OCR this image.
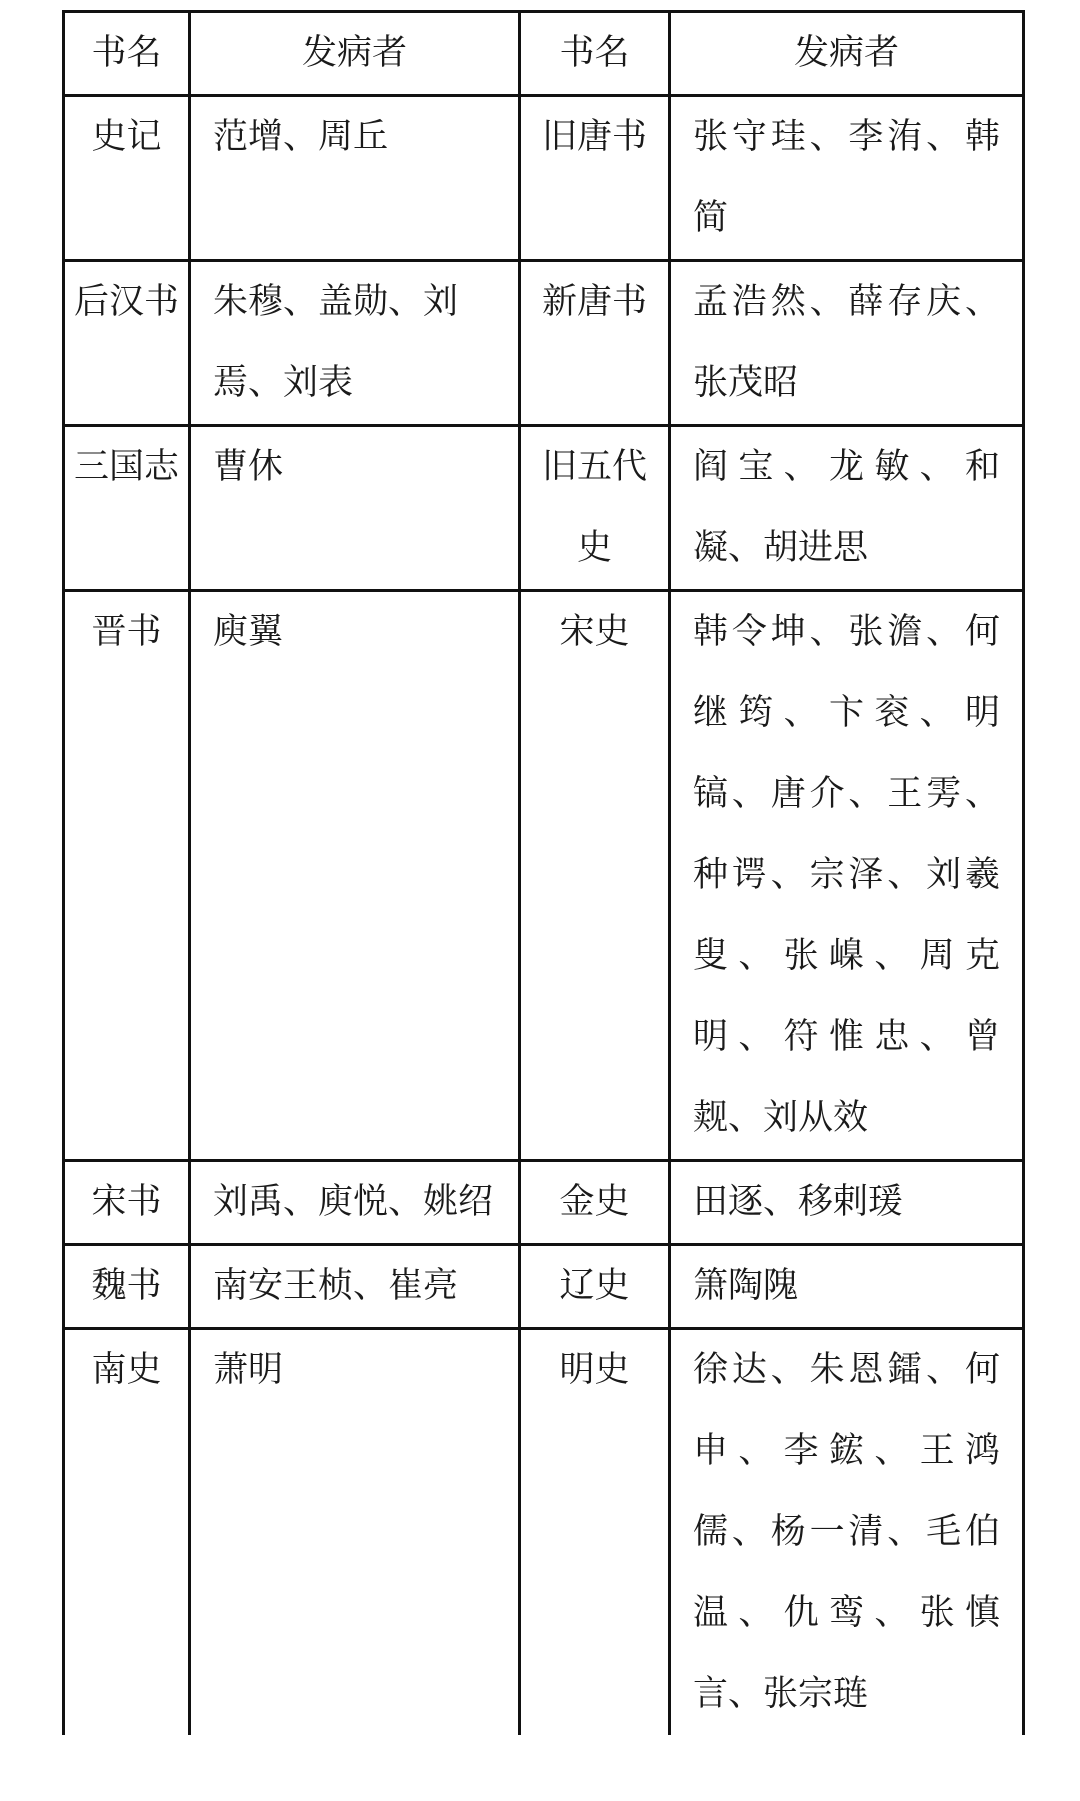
书名	发病者	书名	发病者
史记	范增、周丘	旧唐书	张守珪、李洧、韩简
后汉书	朱穆、盖勋、刘焉、刘表	新唐书	孟浩然、薛存庆、张茂昭
三国志	曹休	旧五代史	阎宝、龙敏、和凝、胡进思
晋书	庾翼	宋史	韩令坤、张澹、何继筠、卞衮、明镐、唐介、王雱、种谔、宗泽、刘羲叟、张嵲、周克明、符惟忠、曾觌、刘从效
宋书	刘禹、庾悦、姚绍	金史	田逐、移剌瑗
魏书	南安王桢、崔亮	辽史	箫陶隗
南史	萧明	明史	徐达、朱恩鐳、何申、李鋐、王鸿儒、杨一清、毛伯温、仇鸾、张慎言、张宗琏
